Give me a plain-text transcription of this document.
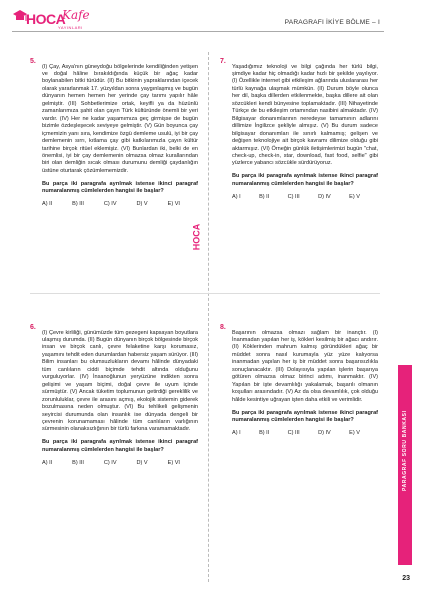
HOCA
Kafe
YAYINLARI
PARAGRAFI İKİYE BÖLME – I
HOCA
5.

(I) Çay, Asya'nın güneydoğu bölgelerinde kendiliğinden yetişen ve doğal hâline bırakıldığında küçük bir ağaç kadar boylanabilen bitki türüdür. (II) Bu bitkinin yapraklarından içecek olarak yararlanmak 17. yüzyıldan sonra yaygınlaşmış ve bugün dünyanın hemen hemen her yerinde çay tarımı yapılır hâle gelmiştir. (III) Sohbetlerimize ortak, keyifli ya da hüzünlü zamanlarımıza şahit olan çayın Türk kültüründe önemli bir yeri vardır. (IV) Her ne kadar yaşamımıza geç girmişse de bugün bizimle özdeşleşecek seviyeye gelmiştir. (V) Gün boyunca çay içmemizin yanı sıra, kendimize özgü demleme usulü, iyi bir çay demlemenin sırrı, kıtlama çay gibi katkılarımızla çayın kültür tarihine birçok ritüel eklemişiz. (VI) Bunlardan iki, belki de en önemlisi, iyi bir çay demlemenin olmazsa olmaz kurallarından biri olan demliğin sıcak olması durumunu demliği çaydanlığın üstüne oturtarak çözümlememizdir.

Bu parça iki paragrafa ayrılmak istense ikinci paragraf numaralanmış cümlelerden hangisi ile başlar?

A) II	B) III	C) IV	D) V	E) VI
7.

Yaşadığımız teknoloji ve bilgi çağında her türlü bilgi, şimdiye kadar hiç olmadığı kadar hızlı bir şekilde yayılıyor. (I) Özellikle internet gibi etkileşim ağlarında uluslararası her türlü kaynağa ulaşmak mümkün. (II) Durum böyle olunca her dil, başka dillerden etkilenmekte, başka dillere ait olan sözcükleri kendi bünyesine toplamaktadır. (III) Nihayetinde Türkçe de bu etkileşim ortamından nasibini almaktadır. (IV) Bilgisayar donanımlarının neredeyse tamamının adlarını dillimize İngilizce şekliyle almışız. (V) Bu durum sadece bilgisayar donanımları ile sınırlı kalmamış; gelişen ve değişen teknolojiye ait birçok kavramı dilimize olduğu gibi aktarmışız. (VI) Örneğin günlük iletişimlerimizi bugün "chat, check-up, check-in, star, download, fast food, selfie" gibi yüzlerce yabancı sözcükle sürdürüyoruz.

Bu parça iki paragrafa ayrılmak istense ikinci paragraf numaralanmış cümlelerden hangisi ile başlar?

A) I	B) II	C) III	D) IV	E) V
6.

(I) Çevre kirliliği, günümüzde tüm gezegeni kapsayan boyutlara ulaşmış durumda. (II) Bugün dünyanın birçok bölgesinde birçok insan ve birçok canlı, çevre felaketine karşı korumasız, yaşamını tehdit eden durumlardan habersiz yaşam sürüyor. (III) Bilim insanları bu olumsuzlukların devamı hâlinde dünyadaki tüm canlıların ciddi biçimde tehdit altında olduğunu vurguluyorlar. (IV) İnsanoğlunun yeryüzüne indikten sonra gelişimi ve yaşam biçimi, doğal çevre ile uyum içinde sürmüştür. (V) Ancak tüketim toplumunun getirdiği gereklilik ve zorunluluklar, çevre ile arasını açmış, ekolojik sistemin giderek bozulmasına neden olmuştur. (VI) Bu tehlikeli gelişmenin seyircisi durumunda olan insanlık ise dünyada dengeli bir çevrenin korunamaması hâlinde tüm canlıların varlığının sürmesinin olanaksızlığının bir türlü farkına varamamaktadır.

Bu parça iki paragrafa ayrılmak istense ikinci paragraf numaralanmış cümlelerden hangisi ile başlar?

A) II	B) III	C) IV	D) V	E) VI
8.

Başarının olmazsa olmazı sağlam bir inançtır. (I) İnanmadan yapılan her iş, kökleri kesilmiş bir ağacı andırır. (II) Köklerinden mahrum kalmış göründükleri ağaç bir müddet sonra nasıl kurumayla yüz yüze kalıyorsa inanmadan yapılan her iş bir müddet sonra başarısızlıkla sonuçlanacaktır. (III) Dolayısıyla yapılan işlerin başarıya götüren olmazsa olmaz birinci adımı, inanmaktır. (IV) Yapılan bir işte devamlılığı yakalamak, başarılı olmanın koşulları arasındadır. (V) Az da olsa devamlılık, çok olduğu hâlde kesintiye uğrayan işten daha etkili ve verimlidir.

Bu parça iki paragrafa ayrılmak istense ikinci paragraf numaralanmış cümlelerden hangisi ile başlar?

A) I	B) II	C) III	D) IV	E) V	PARAGRAF SORU BANKASI
23
